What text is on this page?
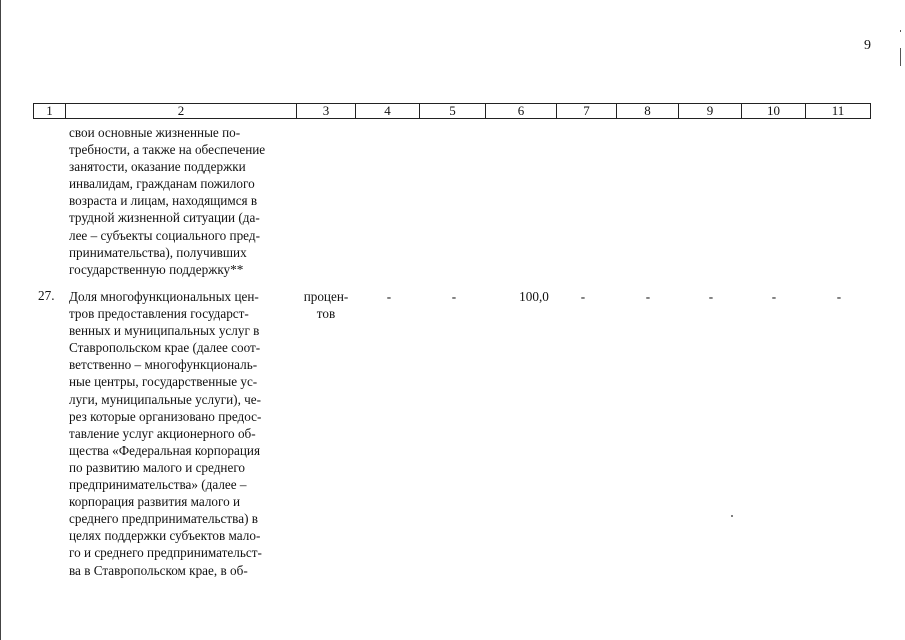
9
1	2	3	4	5	6	7	8	9	10	11
свои основные жизненные по-
требности, а также на обеспечение
занятости, оказание поддержки
инвалидам, гражданам пожилого
возраста и лицам, находящимся в
трудной жизненной ситуации (да-
лее – субъекты социального пред-
принимательства), получивших
государственную поддержку**
27. Доля многофункциональных цен-
тров предоставления государст-
венных и муниципальных услуг в
Ставропольском крае (далее соот-
ветственно – многофункциональ-
ные центры, государственные ус-
луги, муниципальные услуги), че-
рез которые организовано предос-
тавление услуг акционерного об-
щества «Федеральная корпорация
по развитию малого и среднего
предпринимательства» (далее –
корпорация развития малого и
среднего предпринимательства) в
целях поддержки субъектов мало-
го и среднего предпринимательст-
ва в Ставропольском крае, в об-
процен-
тов
-	-	100,0	-	-	-	-	-
